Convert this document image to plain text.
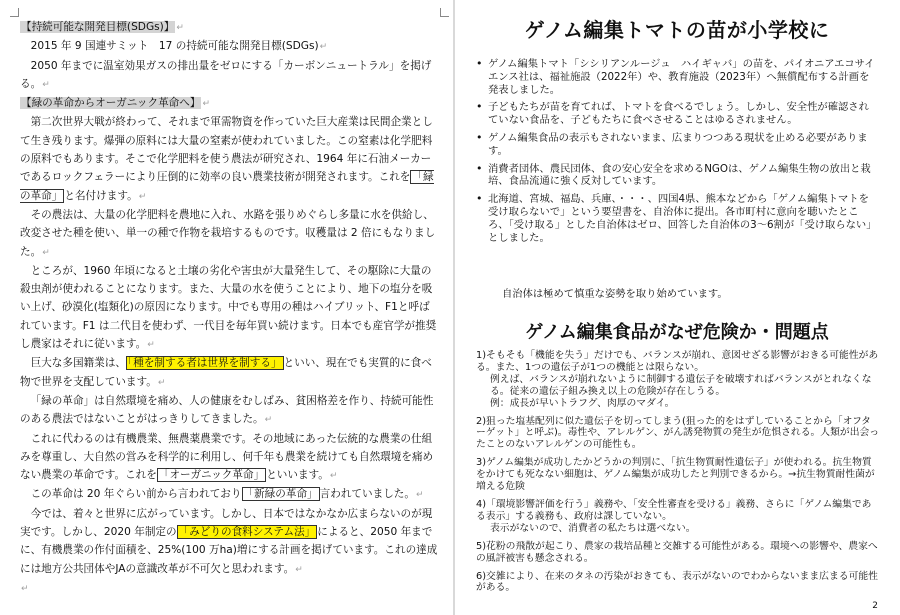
【持続可能な開発目標(SDGs)】 ↵

2015 年 9 国連サミット　17 の持続可能な開発目標(SDGs)↵

2050 年までに温室効果ガスの排出量をゼロにする「カーボンニュートラル」を掲げる。↵

【緑の革命からオーガニック革命へ】 ↵

第二次世界大戦が終わって、それまで軍需物資を作っていた巨大産業は民間企業として生き残ります。爆弾の原料には大量の窒素が使われていました。この窒素は化学肥料の原料でもあります。そこで化学肥料を使う農法が研究され、1964 年に石油メーカーであるロックフェラーにより圧倒的に効率の良い農業技術が開発されます。これを 「緑の革命」 と名付けます。↵

その農法は、大量の化学肥料を農地に入れ、水路を張りめぐらし多量に水を供給し、改変させた種を使い、単一の種で作物を栽培するものです。収穫量は 2 倍にもなりました。↵

ところが、1960 年頃になると土壌の劣化や害虫が大量発生して、その駆除に大量の殺虫剤が使われることになります。また、大量の水を使うことにより、地下の塩分を吸い上げ、砂漠化(塩類化)の原因になります。中でも専用の種はハイブリット、F1と呼ばれています。F1 は二代目を使わず、一代目を毎年買い続けます。日本でも産官学が推奨し農家はそれに従います。↵

巨大な多国籍業は、 「種を制する者は世界を制する」 といい、現在でも実質的に食べ物で世界を支配しています。↵

「緑の革命」は自然環境を痛め、人の健康をむしばみ、貧困格差を作り、持続可能性のある農法ではないことがはっきりしてきました。↵

これに代わるのは有機農業、無農薬農業です。その地域にあった伝統的な農業の仕組みを尊重し、大自然の営みを科学的に利用し、何千年も農業を続けても自然環境を痛めない農業の革命です。これを 「オーガニック革命」 といいます。↵

この革命は 20 年ぐらい前から言われており 「新緑の革命」 言われていました。↵

今では、着々と世界に広がっています。しかし、日本ではなかなか広まらないのが現実です。しかし、2020 年制定の 「みどりの食料システム法」 によると、2050 年までに、有機農業の作付面積を、25%(100 万ha)増にする計画を掲げています。これの達成には地方公共団体やJAの意識改革が不可欠と思われます。↵

↵

ゲノム編集トマトの苗が小学校に
• ゲノム編集トマト「シシリアンルージュ　ハイギャバ」の苗を、パイオニアエコサイエンス社は、福祉施設（2022年）や、教育施設（2023年）へ無償配布する計画を発表しました。
• 子どもたちが苗を育てれば、トマトを食べるでしょう。しかし、安全性が確認されていない食品を、子どもたちに食べさせることはゆるされません。
• ゲノム編集食品の表示もされないまま、広まりつつある現状を止める必要があります。
• 消費者団体、農民団体、食の安心安全を求めるNGOは、ゲノム編集生物の放出と栽培、食品流通に強く反対しています。
• 北海道、宮城、福島、兵庫、・・・、四国4県、熊本などから「ゲノム編集トマトを受け取らないで」という要望書を、自治体に提出。各市町村に意向を聴いたところ、「受け取る」とした自治体はゼロ、回答した自治体の3～6割が「受け取らない」としました。
自治体は極めて慎重な姿勢を取り始めています。
ゲノム編集食品がなぜ危険か・問題点
1)そもそも「機能を失う」だけでも、バランスが崩れ、意図せざる影響がおきる可能性がある。また、1つの遺伝子が1つの機能とは限らない。
例えば、バランスが崩れないように制御する遺伝子を破壊すればバランスがとれなくなる。従来の遺伝子組み換え以上の危険が存在しうる。
例：成長が早いトラフグ、肉厚のマダイ。
2)狙った塩基配列に似た遺伝子を切ってしまう(狙った的をはずしていることから「オフターゲット」と呼ぶ)。毒性や、アレルゲン、がん誘発物質の発生が危惧される。人類が出会ったことのないアレルゲンの可能性も。
3)ゲノム編集が成功したかどうかの判別に、「抗生物質耐性遺伝子」が使われる。抗生物質をかけても死なない細胞は、ゲノム編集が成功したと判別できるから。→抗生物質耐性菌が増える危険
4)「環境影響評価を行う」義務や、「安全性審査を受ける」義務、さらに「ゲノム編集である表示」する義務も、政府は課していない。
表示がないので、消費者の私たちは選べない。
5)花粉の飛散が起こり、農家の栽培品種と交雑する可能性がある。環境への影響や、農家への風評被害も懸念される。
6)交雑により、在来のタネの汚染がおきても、表示がないのでわからないまま広まる可能性がある。
2
